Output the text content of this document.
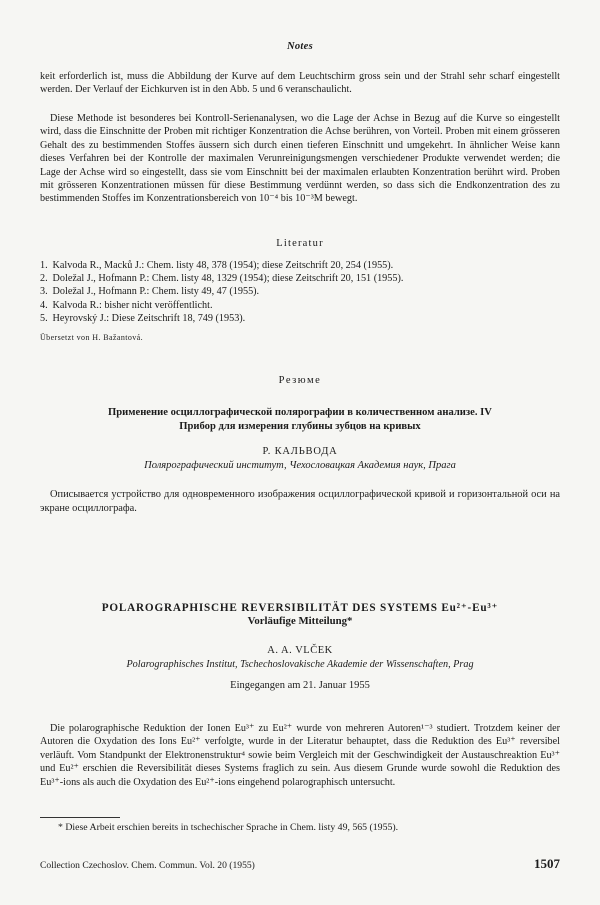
Notes

keit erforderlich ist, muss die Abbildung der Kurve auf dem Leuchtschirm gross sein und der Strahl sehr scharf eingestellt werden. Der Verlauf der Eichkurven ist in den Abb. 5 und 6 veranschaulicht.

Diese Methode ist besonderes bei Kontroll-Serienanalysen, wo die Lage der Achse in Bezug auf die Kurve so eingestellt wird, dass die Einschnitte der Proben mit richtiger Konzentration die Achse berühren, von Vorteil. Proben mit einem grösseren Gehalt des zu bestimmenden Stoffes äussern sich durch einen tieferen Einschnitt und umgekehrt. In ähnlicher Weise kann dieses Verfahren bei der Kontrolle der maximalen Verunreinigungsmengen verschiedener Produkte verwendet werden; die Lage der Achse wird so eingestellt, dass sie vom Einschnitt bei der maximalen erlaubten Konzentration berührt wird. Proben mit grösseren Konzentrationen müssen für diese Bestimmung verdünnt werden, so dass sich die Endkonzentration des zu bestimmenden Stoffes im Konzentrationsbereich von 10⁻⁴ bis 10⁻³M bewegt.

Literatur
1. Kalvoda R., Macků J.: Chem. listy 48, 378 (1954); diese Zeitschrift 20, 254 (1955).
2. Doležal J., Hofmann P.: Chem. listy 48, 1329 (1954); diese Zeitschrift 20, 151 (1955).
3. Doležal J., Hofmann P.: Chem. listy 49, 47 (1955).
4. Kalvoda R.: bisher nicht veröffentlicht.
5. Heyrovský J.: Diese Zeitschrift 18, 749 (1953).
Übersetzt von H. Bažantová.
Резюме
Применение осциллографической полярографии в количественном анализе. IV
Прибор для измерения глубины зубцов на кривых
Р. КАЛЬВОДА
Полярографический институт, Чехословацкая Академия наук, Прага

Описывается устройство для одновременного изображения осциллографической кривой и горизонтальной оси на экране осциллографа.

POLAROGRAPHISCHE REVERSIBILITÄT DES SYSTEMS Eu²⁺-Eu³⁺
Vorläufige Mitteilung*
A. A. VLČEK
Polarographisches Institut, Tschechoslovakische Akademie der Wissenschaften, Prag
Eingegangen am 21. Januar 1955

Die polarographische Reduktion der Ionen Eu³⁺ zu Eu²⁺ wurde von mehreren Autoren¹⁻³ studiert. Trotzdem keiner der Autoren die Oxydation des Ions Eu²⁺ verfolgte, wurde in der Literatur behauptet, dass die Reduktion des Eu³⁺ reversibel verläuft. Vom Standpunkt der Elektronenstruktur⁴ sowie beim Vergleich mit der Geschwindigkeit der Austauschreaktion Eu³⁺ und Eu²⁺ erschien die Reversibilität dieses Systems fraglich zu sein. Aus diesem Grunde wurde sowohl die Reduktion des Eu³⁺-ions als auch die Oxydation des Eu²⁺-ions eingehend polarographisch untersucht.

* Diese Arbeit erschien bereits in tschechischer Sprache in Chem. listy 49, 565 (1955).
Collection Czechoslov. Chem. Commun. Vol. 20 (1955)	1507
